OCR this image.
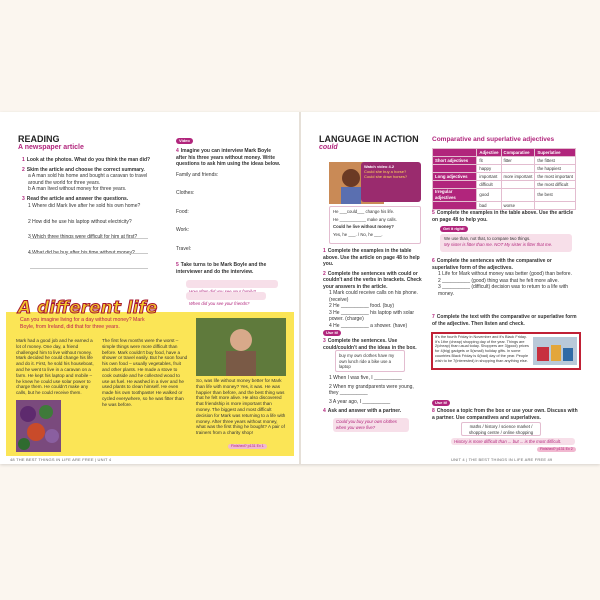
READING
A newspaper article
1 Look at the photos. What do you think the man did?
2 Skim the article and choose the correct summary.
a A man sold his home and bought a caravan to travel around the world for three years.
b A man lived without money for three years.
3 Read the article and answer the questions.
1 Where did Mark live after he sold his own home?
2 How did he use his laptop without electricity?
3 Which three things were difficult for him at first?
4 What did he buy after his time without money?
Video
4 Imagine you can interview Mark Boyle after his three years without money. Write questions to ask him using the ideas below.
Family and friends:
Clothes:
Food:
Work:
Travel:
5 Take turns to be Mark Boyle and the interviewer and do the interview.
When did you see your friends?
A different life
Can you imagine living for a day without money? Mark Boyle, from Ireland, did that for three years.
Mark had a good job and he earned a lot of money. One day, a friend challenged him to live without money. Mark decided he could change his life and do it. First, he sold his houseboat, and he went to live in a caravan on a farm. He kept his laptop and mobile – he knew he could use solar power to charge them. He couldn't make any calls, but he could receive them.
The first few months were the worst – simple things were more difficult than before. Mark couldn't buy food, have a shower or travel easily. But he soon found his own food – usually vegetables, fruit and other plants. He made a stove to cook outside and he collected wood to use as fuel. He washed in a river and he used plants to clean himself. He even made his own toothpaste! He walked or cycled everywhere, so he was fitter than he was before.
So, was life without money better for Mark than life with money? Yes, it was. He was happier than before, and the best thing was that he felt more alive. He also discovered that friendship is more important than money. The biggest and most difficult decision for Mark was returning to a life with money. After three years without money, what was the first thing he bought? A pair of trainers from a charity shop!
Finished? p131 Ex 1
48 THE BEST THINGS IN LIFE ARE FREE | UNIT 4
LANGUAGE IN ACTION
could
Watch video 4.2
Could she buy a horse?
Could she draw horses?
He ___could___ change his life.
He ___________ make any calls.
Could he live without money?
Yes, he ___. / No, he ___.
1 Complete the examples in the table above. Use the article on page 48 to help you.
2 Complete the sentences with could or couldn't and the verbs in brackets. Check your answers in the article.
1 Mark could receive calls on his phone. (receive)
2 He __________ food. (buy)
3 He __________ his laptop with solar power. (charge)
4 He __________ a shower. (have)
Use it!
3 Complete the sentences. Use could/couldn't and the ideas in the box.
buy my own clothes have my own lunch ride a bike use a laptop
1 When I was five, I __________
2 When my grandparents were young, they __________
3 A year ago, I __________
4 Ask and answer with a partner.
Could you buy your own clothes when you were five?
Comparative and superlative adjectives
	Adjective	Comparative	Superlative
Short adjectives	fit	fitter	the fittest
	happy		the happiest
Long adjectives	important	more important	the most important
	difficult		the most difficult
Irregular adjectives	good		the best
	bad	worse	
5 Complete the examples in the table above. Use the article on page 48 to help you.
Get it right!
We use than, not that, to compare two things.
My sister is fitter than me. NOT My sister is fitter that me.
6 Complete the sentences with the comparative or superlative form of the adjectives.
1 Life for Mark without money was better (good) than before.
2 __________ (good) thing was that he felt more alive.
3 __________ (difficult) decision was to return to a life with money.
7 Complete the text with the comparative or superlative form of the adjective. Then listen and check.
It's the fourth Friday in November and it's Black Friday. It's 1the (cheap) shopping day of the year. Things are 2(cheap) than usual today. Shoppers are 3(good) prices for 4(big) gadgets or 5(small) holiday gifts. In some countries Black Friday is 6(bad) day of the year. People wish to be 7(interested) in shopping than anything else.
Use it!
8 Choose a topic from the box or use your own. Discuss with a partner. Use comparatives and superlatives.
maths / history / science market / shopping centre / online shopping
History is more difficult than ... but ... is the most difficult.
Finished? p131 Ex 2
UNIT 4 | THE BEST THINGS IN LIFE ARE FREE 49
